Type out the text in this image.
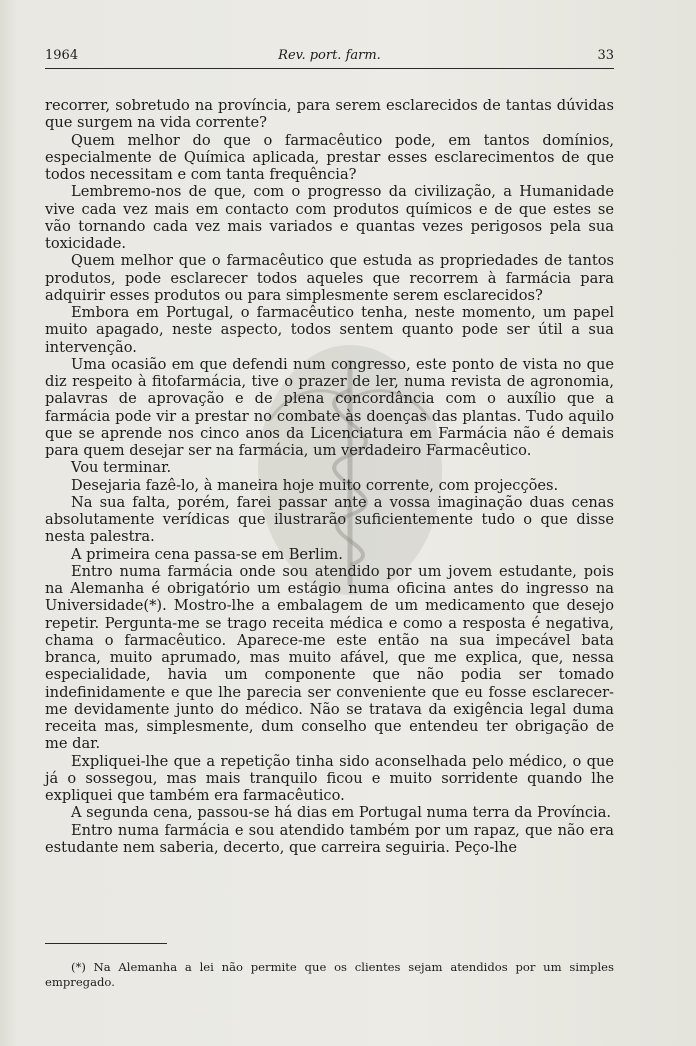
1964	Rev. port. farm.	33

recorrer, sobretudo na província, para serem esclarecidos de tantas dúvidas que surgem na vida corrente?

Quem melhor do que o farmacêutico pode, em tantos domínios, especialmente de Química aplicada, prestar esses esclarecimentos de que todos necessitam e com tanta frequência?

Lembremo-nos de que, com o progresso da civilização, a Humanidade vive cada vez mais em contacto com produtos químicos e de que estes se vão tornando cada vez mais variados e quantas vezes perigosos pela sua toxicidade.

Quem melhor que o farmacêutico que estuda as propriedades de tantos produtos, pode esclarecer todos aqueles que recorrem à farmácia para adquirir esses produtos ou para simplesmente serem esclarecidos?

Embora em Portugal, o farmacêutico tenha, neste momento, um papel muito apagado, neste aspecto, todos sentem quanto pode ser útil a sua intervenção.

Uma ocasião em que defendi num congresso, este ponto de vista no que diz respeito à fitofarmácia, tive o prazer de ler, numa revista de agronomia, palavras de aprovação e de plena concordância com o auxílio que a farmácia pode vir a prestar no combate às doenças das plantas. Tudo aquilo que se aprende nos cinco anos da Licenciatura em Farmácia não é demais para quem desejar ser na farmácia, um verdadeiro Farmacêutico.

Vou terminar.

Desejaria fazê-lo, à maneira hoje muito corrente, com projecções.

Na sua falta, porém, farei passar ante a vossa imaginação duas cenas absolutamente verídicas que ilustrarão suficientemente tudo o que disse nesta palestra.

A primeira cena passa-se em Berlim.

Entro numa farmácia onde sou atendido por um jovem estudante, pois na Alemanha é obrigatório um estágio numa oficina antes do ingresso na Universidade(*). Mostro-lhe a embalagem de um medicamento que desejo repetir. Pergunta-me se trago receita médica e como a resposta é negativa, chama o farmacêutico. Aparece-me este então na sua impecável bata branca, muito aprumado, mas muito afável, que me explica, que, nessa especialidade, havia um componente que não podia ser tomado indefinidamente e que lhe parecia ser conveniente que eu fosse esclarecer-me devidamente junto do médico. Não se tratava da exigência legal duma receita mas, simplesmente, dum conselho que entendeu ter obrigação de me dar.

Expliquei-lhe que a repetição tinha sido aconselhada pelo médico, o que já o sossegou, mas mais tranquilo ficou e muito sorridente quando lhe expliquei que também era farmacêutico.

A segunda cena, passou-se há dias em Portugal numa terra da Província.

Entro numa farmácia e sou atendido também por um rapaz, que não era estudante nem saberia, decerto, que carreira seguiria. Peço-lhe

(*) Na Alemanha a lei não permite que os clientes sejam atendidos por um simples empregado.
